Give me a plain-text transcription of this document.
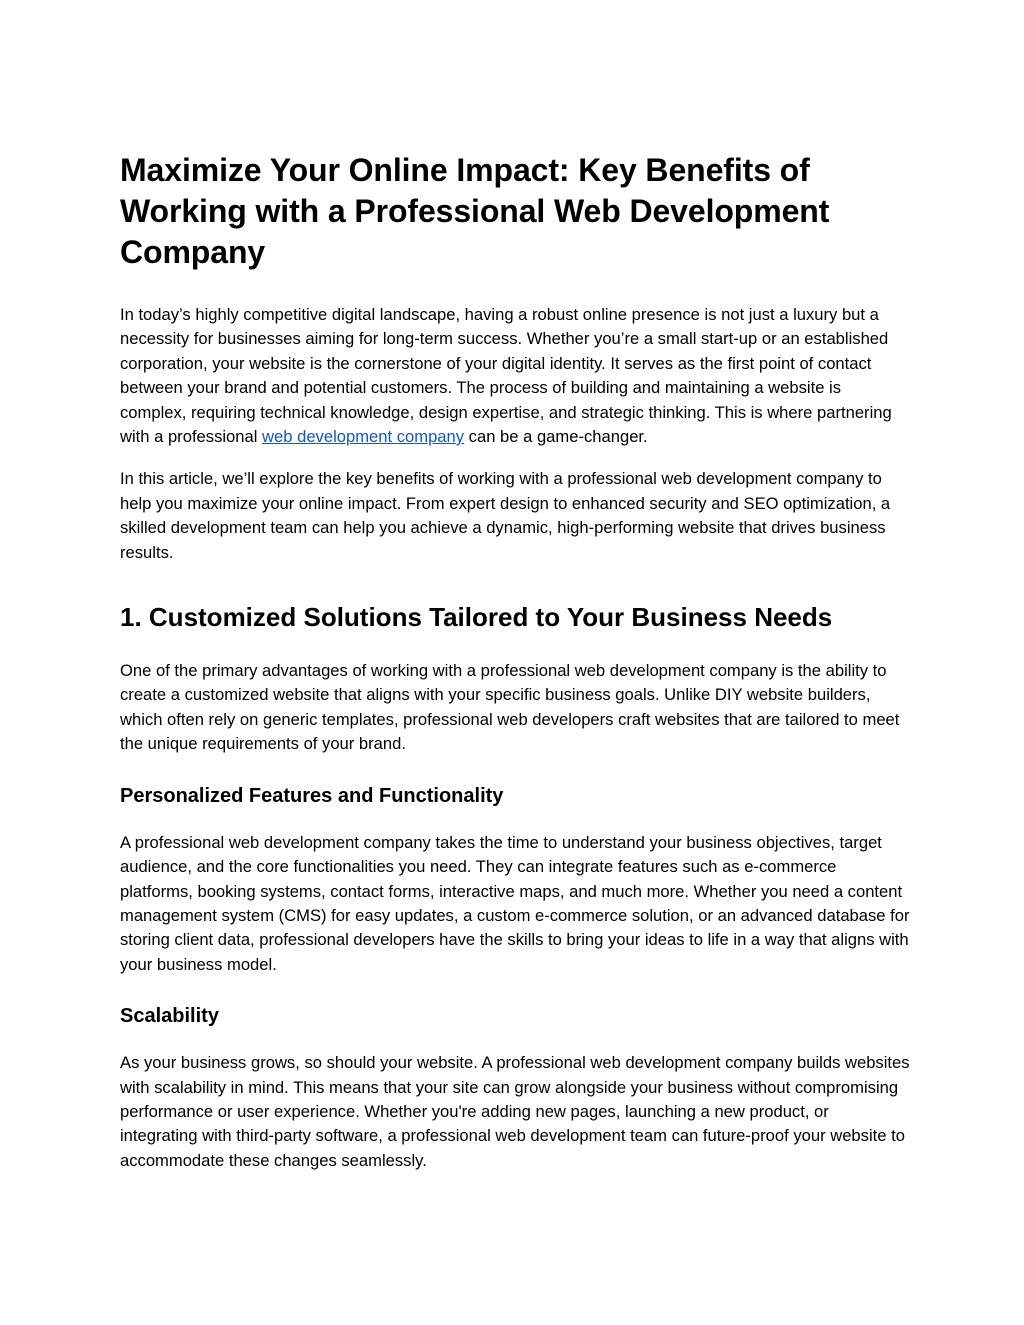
Maximize Your Online Impact: Key Benefits of Working with a Professional Web Development Company

In today’s highly competitive digital landscape, having a robust online presence is not just a luxury but a necessity for businesses aiming for long-term success. Whether you’re a small start-up or an established corporation, your website is the cornerstone of your digital identity. It serves as the first point of contact between your brand and potential customers. The process of building and maintaining a website is complex, requiring technical knowledge, design expertise, and strategic thinking. This is where partnering with a professional web development company can be a game-changer.

In this article, we’ll explore the key benefits of working with a professional web development company to help you maximize your online impact. From expert design to enhanced security and SEO optimization, a skilled development team can help you achieve a dynamic, high-performing website that drives business results.

1. Customized Solutions Tailored to Your Business Needs

One of the primary advantages of working with a professional web development company is the ability to create a customized website that aligns with your specific business goals. Unlike DIY website builders, which often rely on generic templates, professional web developers craft websites that are tailored to meet the unique requirements of your brand.

Personalized Features and Functionality

A professional web development company takes the time to understand your business objectives, target audience, and the core functionalities you need. They can integrate features such as e-commerce platforms, booking systems, contact forms, interactive maps, and much more. Whether you need a content management system (CMS) for easy updates, a custom e-commerce solution, or an advanced database for storing client data, professional developers have the skills to bring your ideas to life in a way that aligns with your business model.

Scalability

As your business grows, so should your website. A professional web development company builds websites with scalability in mind. This means that your site can grow alongside your business without compromising performance or user experience. Whether you're adding new pages, launching a new product, or integrating with third-party software, a professional web development team can future-proof your website to accommodate these changes seamlessly.
